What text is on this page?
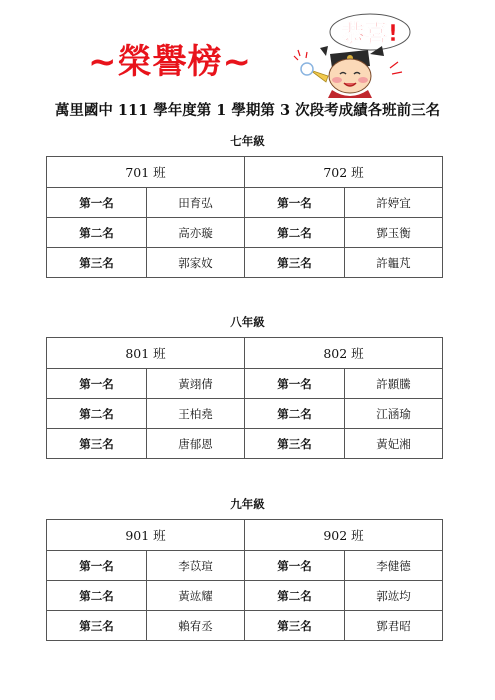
~榮譽榜~
恭喜!
萬里國中 111 學年度第 1 學期第 3 次段考成績各班前三名
七年級
701 班		702 班	
第一名	田育弘	第一名	許婷宜
第二名	高亦璇	第二名	鄧玉衡
第三名	郭家妏	第三名	許韞芃
八年級
801 班		802 班	
第一名	黃翊倩	第一名	許顥騰
第二名	王柏堯	第二名	江涵瑜
第三名	唐郁恩	第三名	黃妃湘
九年級
901 班		902 班	
第一名	李苡瑄	第一名	李健德
第二名	黃竑耀	第二名	郭竑均
第三名	賴宥丞	第三名	鄧君昭
